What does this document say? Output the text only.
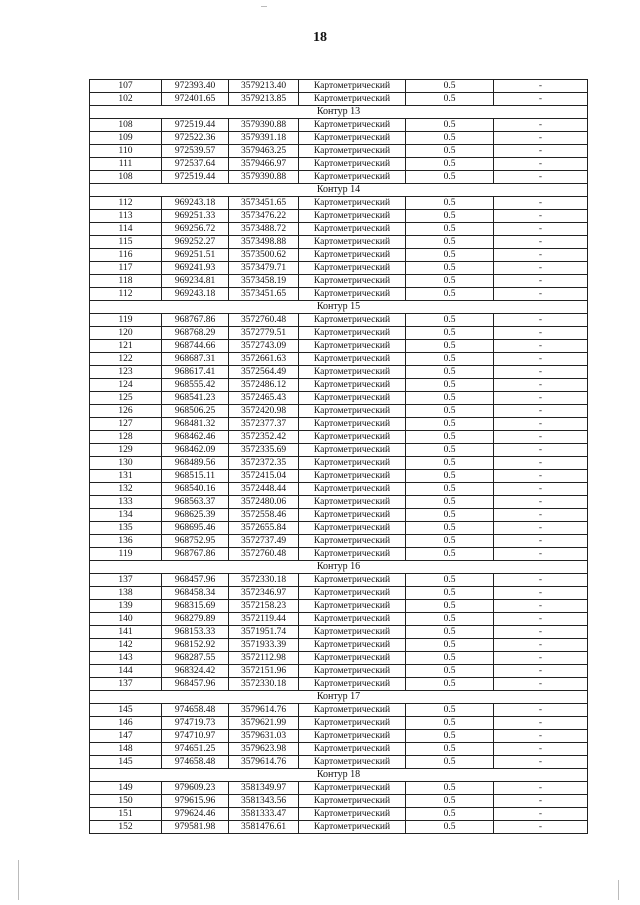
18
107	972393.40	3579213.40	Картометрический	0.5	-
102	972401.65	3579213.85	Картометрический	0.5	-
Контур 13					
108	972519.44	3579390.88	Картометрический	0.5	-
109	972522.36	3579391.18	Картометрический	0.5	-
110	972539.57	3579463.25	Картометрический	0.5	-
111	972537.64	3579466.97	Картометрический	0.5	-
108	972519.44	3579390.88	Картометрический	0.5	-
Контур 14					
112	969243.18	3573451.65	Картометрический	0.5	-
113	969251.33	3573476.22	Картометрический	0.5	-
114	969256.72	3573488.72	Картометрический	0.5	-
115	969252.27	3573498.88	Картометрический	0.5	-
116	969251.51	3573500.62	Картометрический	0.5	-
117	969241.93	3573479.71	Картометрический	0.5	-
118	969234.81	3573458.19	Картометрический	0.5	-
112	969243.18	3573451.65	Картометрический	0.5	-
Контур 15					
119	968767.86	3572760.48	Картометрический	0.5	-
120	968768.29	3572779.51	Картометрический	0.5	-
121	968744.66	3572743.09	Картометрический	0.5	-
122	968687.31	3572661.63	Картометрический	0.5	-
123	968617.41	3572564.49	Картометрический	0.5	-
124	968555.42	3572486.12	Картометрический	0.5	-
125	968541.23	3572465.43	Картометрический	0.5	-
126	968506.25	3572420.98	Картометрический	0.5	-
127	968481.32	3572377.37	Картометрический	0.5	-
128	968462.46	3572352.42	Картометрический	0.5	-
129	968462.09	3572335.69	Картометрический	0.5	-
130	968489.56	3572372.35	Картометрический	0.5	-
131	968515.11	3572415.04	Картометрический	0.5	-
132	968540.16	3572448.44	Картометрический	0.5	-
133	968563.37	3572480.06	Картометрический	0.5	-
134	968625.39	3572558.46	Картометрический	0.5	-
135	968695.46	3572655.84	Картометрический	0.5	-
136	968752.95	3572737.49	Картометрический	0.5	-
119	968767.86	3572760.48	Картометрический	0.5	-
Контур 16					
137	968457.96	3572330.18	Картометрический	0.5	-
138	968458.34	3572346.97	Картометрический	0.5	-
139	968315.69	3572158.23	Картометрический	0.5	-
140	968279.89	3572119.44	Картометрический	0.5	-
141	968153.33	3571951.74	Картометрический	0.5	-
142	968152.92	3571933.39	Картометрический	0.5	-
143	968287.55	3572112.98	Картометрический	0.5	-
144	968324.42	3572151.96	Картометрический	0.5	-
137	968457.96	3572330.18	Картометрический	0.5	-
Контур 17					
145	974658.48	3579614.76	Картометрический	0.5	-
146	974719.73	3579621.99	Картометрический	0.5	-
147	974710.97	3579631.03	Картометрический	0.5	-
148	974651.25	3579623.98	Картометрический	0.5	-
145	974658.48	3579614.76	Картометрический	0.5	-
Контур 18					
149	979609.23	3581349.97	Картометрический	0.5	-
150	979615.96	3581343.56	Картометрический	0.5	-
151	979624.46	3581333.47	Картометрический	0.5	-
152	979581.98	3581476.61	Картометрический	0.5	-
